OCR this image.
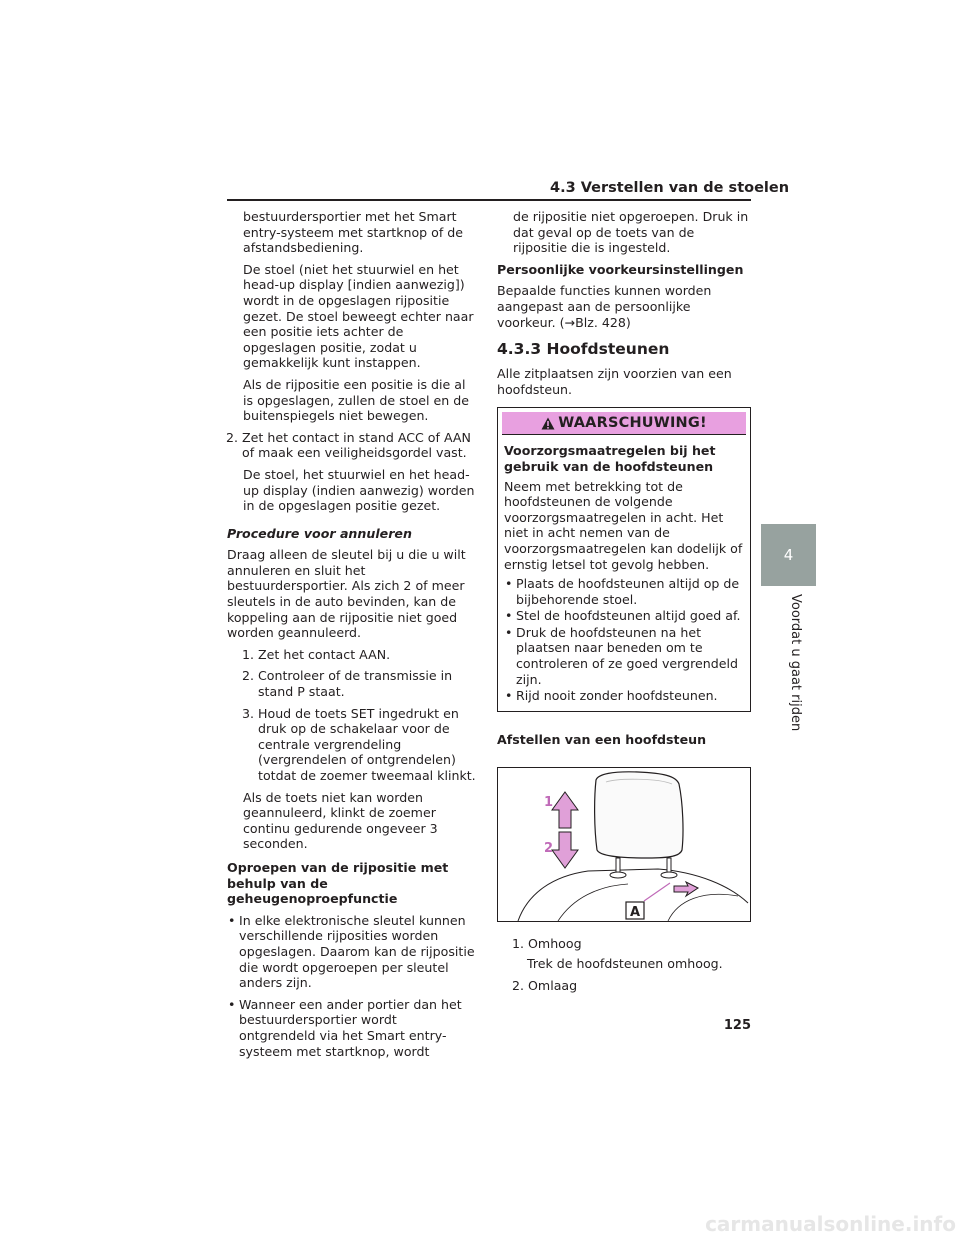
4.3 Verstellen van de stoelen

bestuurdersportier met het Smart entry-systeem met startknop of de afstandsbediening.

De stoel (niet het stuurwiel en het head-up display [indien aanwezig]) wordt in de opgeslagen rijpositie gezet. De stoel beweegt echter naar een positie iets achter de opgeslagen positie, zodat u gemakkelijk kunt instappen.

Als de rijpositie een positie is die al is opgeslagen, zullen de stoel en de buitenspiegels niet bewegen.

2. Zet het contact in stand ACC of AAN of maak een veiligheidsgordel vast.

De stoel, het stuurwiel en het head-up display (indien aanwezig) worden in de opgeslagen positie gezet.

Procedure voor annuleren

Draag alleen de sleutel bij u die u wilt annuleren en sluit het bestuurdersportier. Als zich 2 of meer sleutels in de auto bevinden, kan de koppeling aan de rijpositie niet goed worden geannuleerd.

1. Zet het contact AAN.

2. Controleer of de transmissie in stand P staat.

3. Houd de toets SET ingedrukt en druk op de schakelaar voor de centrale vergrendeling (vergrendelen of ontgrendelen) totdat de zoemer tweemaal klinkt.

Als de toets niet kan worden geannuleerd, klinkt de zoemer continu gedurende ongeveer 3 seconden.

Oproepen van de rijpositie met behulp van de geheugenoproepfunctie

• In elke elektronische sleutel kunnen verschillende rijposities worden opgeslagen. Daarom kan de rijpositie die wordt opgeroepen per sleutel anders zijn.
• Wanneer een ander portier dan het bestuurdersportier wordt ontgrendeld via het Smart entry-systeem met startknop, wordt

de rijpositie niet opgeroepen. Druk in dat geval op de toets van de rijpositie die is ingesteld.

Persoonlijke voorkeursinstellingen

Bepaalde functies kunnen worden aangepast aan de persoonlijke voorkeur. (→Blz. 428)

4.3.3 Hoofdsteunen

Alle zitplaatsen zijn voorzien van een hoofdsteun.

WAARSCHUWING!

Voorzorgsmaatregelen bij het gebruik van de hoofdsteunen

Neem met betrekking tot de hoofdsteunen de volgende voorzorgsmaatregelen in acht. Het niet in acht nemen van de voorzorgsmaatregelen kan dodelijk of ernstig letsel tot gevolg hebben.

• Plaats de hoofdsteunen altijd op de bijbehorende stoel.
• Stel de hoofdsteunen altijd goed af.
• Druk de hoofdsteunen na het plaatsen naar beneden om te controleren of ze goed vergrendeld zijn.
• Rijd nooit zonder hoofdsteunen.

Afstellen van een hoofdsteun

1
2
A

1. Omhoog

Trek de hoofdsteunen omhoog.

2. Omlaag

125
4
Voordat u gaat rijden
carmanualsonline.info
